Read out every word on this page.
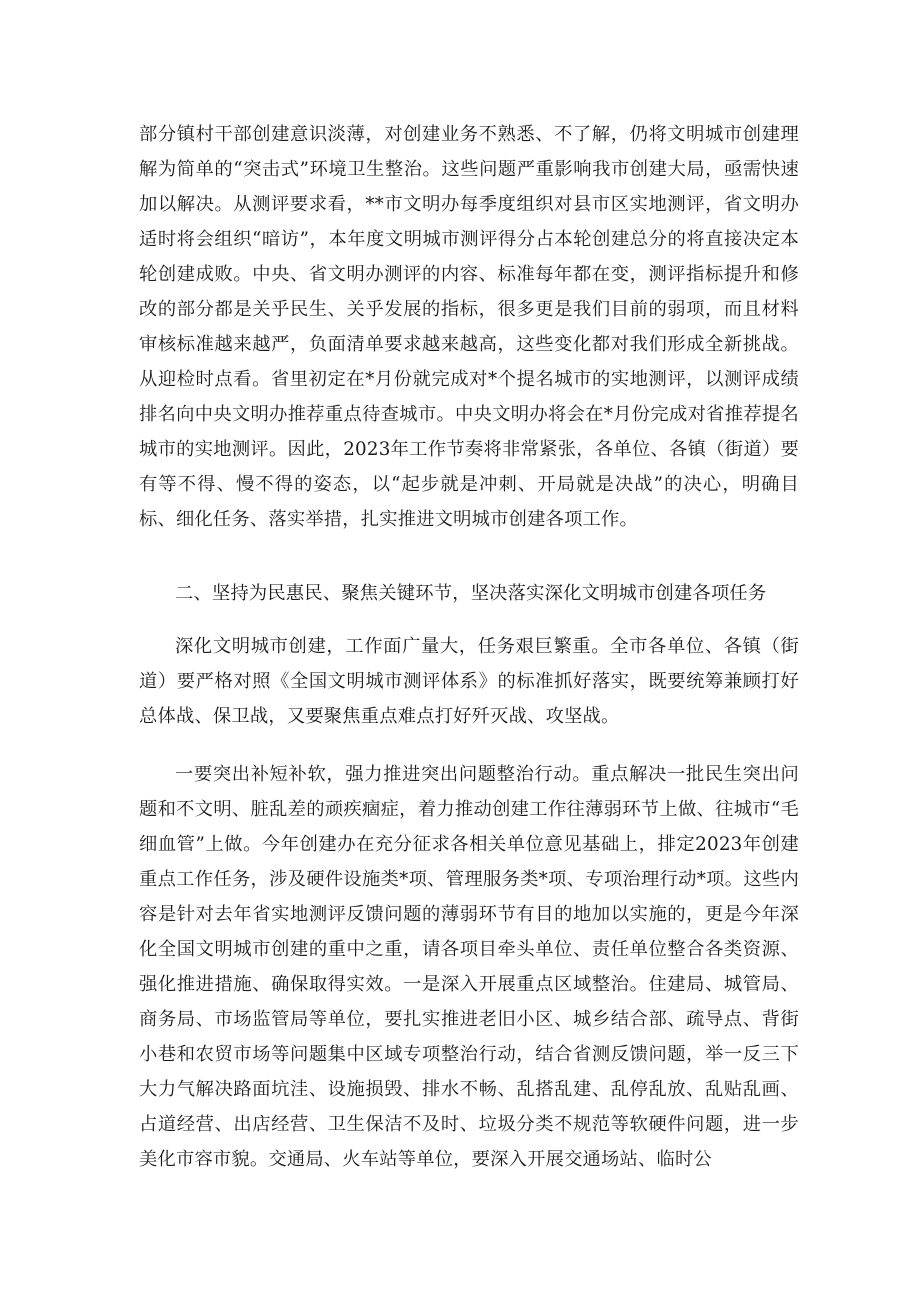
部分镇村干部创建意识淡薄，对创建业务不熟悉、不了解，仍将文明城市创建理解为简单的“突击式”环境卫生整治。这些问题严重影响我市创建大局，亟需快速加以解决。从测评要求看，**市文明办每季度组织对县市区实地测评，省文明办适时将会组织“暗访”，本年度文明城市测评得分占本轮创建总分的将直接决定本轮创建成败。中央、省文明办测评的内容、标准每年都在变，测评指标提升和修改的部分都是关乎民生、关乎发展的指标，很多更是我们目前的弱项，而且材料审核标准越来越严，负面清单要求越来越高，这些变化都对我们形成全新挑战。从迎检时点看。省里初定在*月份就完成对*个提名城市的实地测评，以测评成绩排名向中央文明办推荐重点待查城市。中央文明办将会在*月份完成对省推荐提名城市的实地测评。因此，2023年工作节奏将非常紧张，各单位、各镇（街道）要有等不得、慢不得的姿态，以“起步就是冲刺、开局就是决战”的决心，明确目标、细化任务、落实举措，扎实推进文明城市创建各项工作。

二、坚持为民惠民、聚焦关键环节，坚决落实深化文明城市创建各项任务

深化文明城市创建，工作面广量大，任务艰巨繁重。全市各单位、各镇（街道）要严格对照《全国文明城市测评体系》的标准抓好落实，既要统筹兼顾打好总体战、保卫战，又要聚焦重点难点打好歼灭战、攻坚战。

一要突出补短补软，强力推进突出问题整治行动。重点解决一批民生突出问题和不文明、脏乱差的顽疾痼症，着力推动创建工作往薄弱环节上做、往城市“毛细血管”上做。今年创建办在充分征求各相关单位意见基础上，排定2023年创建重点工作任务，涉及硬件设施类*项、管理服务类*项、专项治理行动*项。这些内容是针对去年省实地测评反馈问题的薄弱环节有目的地加以实施的，更是今年深化全国文明城市创建的重中之重，请各项目牵头单位、责任单位整合各类资源、强化推进措施、确保取得实效。一是深入开展重点区域整治。住建局、城管局、商务局、市场监管局等单位，要扎实推进老旧小区、城乡结合部、疏导点、背街小巷和农贸市场等问题集中区域专项整治行动，结合省测反馈问题，举一反三下大力气解决路面坑洼、设施损毁、排水不畅、乱搭乱建、乱停乱放、乱贴乱画、占道经营、出店经营、卫生保洁不及时、垃圾分类不规范等软硬件问题，进一步美化市容市貌。交通局、火车站等单位，要深入开展交通场站、临时公
